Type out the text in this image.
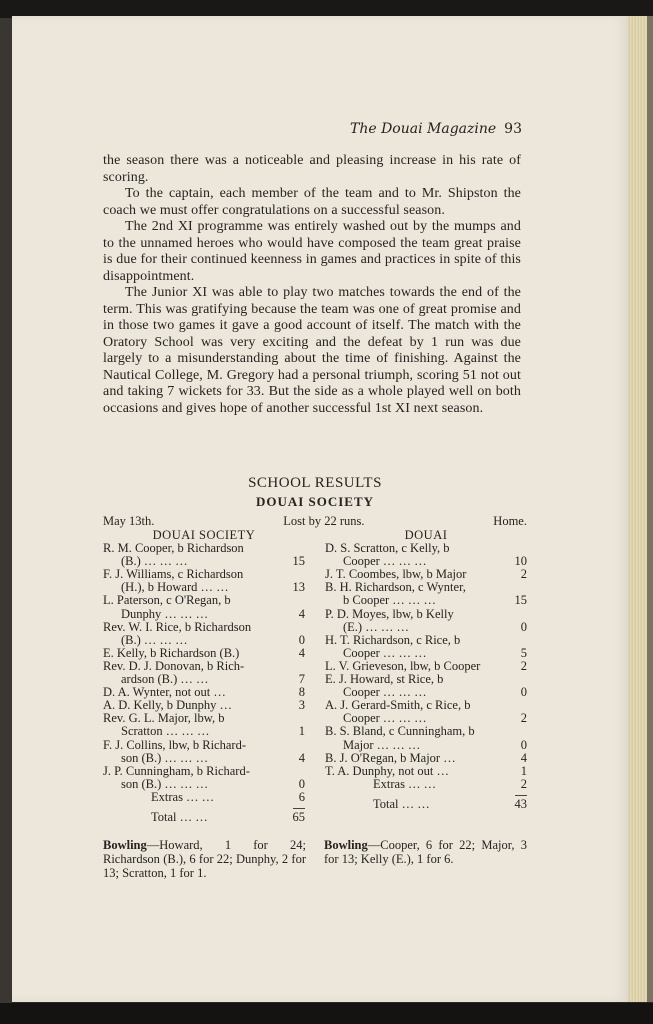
The Douai Magazine 93

the season there was a noticeable and pleasing increase in his rate of scoring.

To the captain, each member of the team and to Mr. Shipston the coach we must offer congratulations on a successful season.

The 2nd XI programme was entirely washed out by the mumps and to the unnamed heroes who would have composed the team great praise is due for their continued keenness in games and practices in spite of this disappointment.

The Junior XI was able to play two matches towards the end of the term. This was gratifying because the team was one of great promise and in those two games it gave a good account of itself. The match with the Oratory School was very exciting and the defeat by 1 run was due largely to a misunderstanding about the time of finishing. Against the Nautical College, M. Gregory had a personal triumph, scoring 51 not out and taking 7 wickets for 33. But the side as a whole played well on both occasions and gives hope of another successful 1st XI next season.

SCHOOL RESULTS
DOUAI SOCIETY
May 13th.	Lost by 22 runs.	Home.
DOUAI SOCIETY
R. M. Cooper, b Richardson
(B.) … … …	15
F. J. Williams, c Richardson
(H.), b Howard … …	13
L. Paterson, c O'Regan, b
Dunphy … … …	4
Rev. W. I. Rice, b Richardson
(B.) … … …	0
E. Kelly, b Richardson (B.)	4
Rev. D. J. Donovan, b Rich-
ardson (B.) … …	7
D. A. Wynter, not out …	8
A. D. Kelly, b Dunphy …	3
Rev. G. L. Major, lbw, b
Scratton … … …	1
F. J. Collins, lbw, b Richard-
son (B.) … … …	4
J. P. Cunningham, b Richard-
son (B.) … … …	0
Extras … …	6
Total … …	65
DOUAI
D. S. Scratton, c Kelly, b
Cooper … … …	10
J. T. Coombes, lbw, b Major	2
B. H. Richardson, c Wynter,
b Cooper … … …	15
P. D. Moyes, lbw, b Kelly
(E.) … … …	0
H. T. Richardson, c Rice, b
Cooper … … …	5
L. V. Grieveson, lbw, b Cooper	2
E. J. Howard, st Rice, b
Cooper … … …	0
A. J. Gerard-Smith, c Rice, b
Cooper … … …	2
B. S. Bland, c Cunningham, b
Major … … …	0
B. J. O'Regan, b Major …	4
T. A. Dunphy, not out …	1
Extras … …	2
Total … …	43
Bowling—Howard, 1 for 24; Richardson (B.), 6 for 22; Dunphy, 2 for 13; Scratton, 1 for 1.
Bowling—Cooper, 6 for 22; Major, 3 for 13; Kelly (E.), 1 for 6.
